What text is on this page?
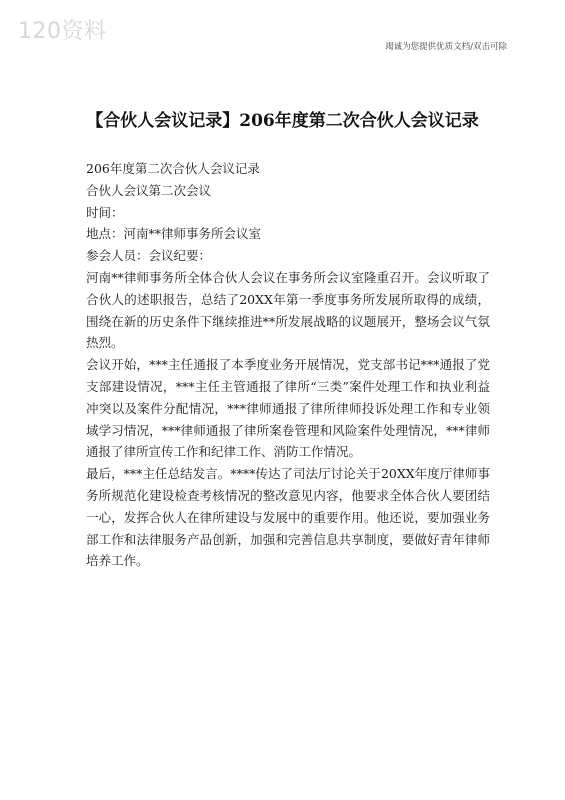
120资料
竭诚为您提供优质文档/双击可除
【合伙人会议记录】206年度第二次合伙人会议记录

206年度第二次合伙人会议记录

合伙人会议第二次会议

时间：

地点：河南**律师事务所会议室

参会人员：会议纪要：

河南**律师事务所全体合伙人会议在事务所会议室隆重召开。会议听取了合伙人的述职报告，总结了20XX年第一季度事务所发展所取得的成绩，围绕在新的历史条件下继续推进**所发展战略的议题展开，整场会议气氛热烈。

会议开始，***主任通报了本季度业务开展情况，党支部书记***通报了党支部建设情况，***主任主管通报了律所“三类”案件处理工作和执业利益冲突以及案件分配情况，***律师通报了律所律师投诉处理工作和专业领域学习情况，***律师通报了律所案卷管理和风险案件处理情况，***律师通报了律所宣传工作和纪律工作、消防工作情况。

最后，***主任总结发言。****传达了司法厅讨论关于20XX年度厅律师事务所规范化建设检查考核情况的整改意见内容，他要求全体合伙人要团结一心，发挥合伙人在律所建设与发展中的重要作用。他还说，要加强业务部工作和法律服务产品创新，加强和完善信息共享制度，要做好青年律师培养工作。
